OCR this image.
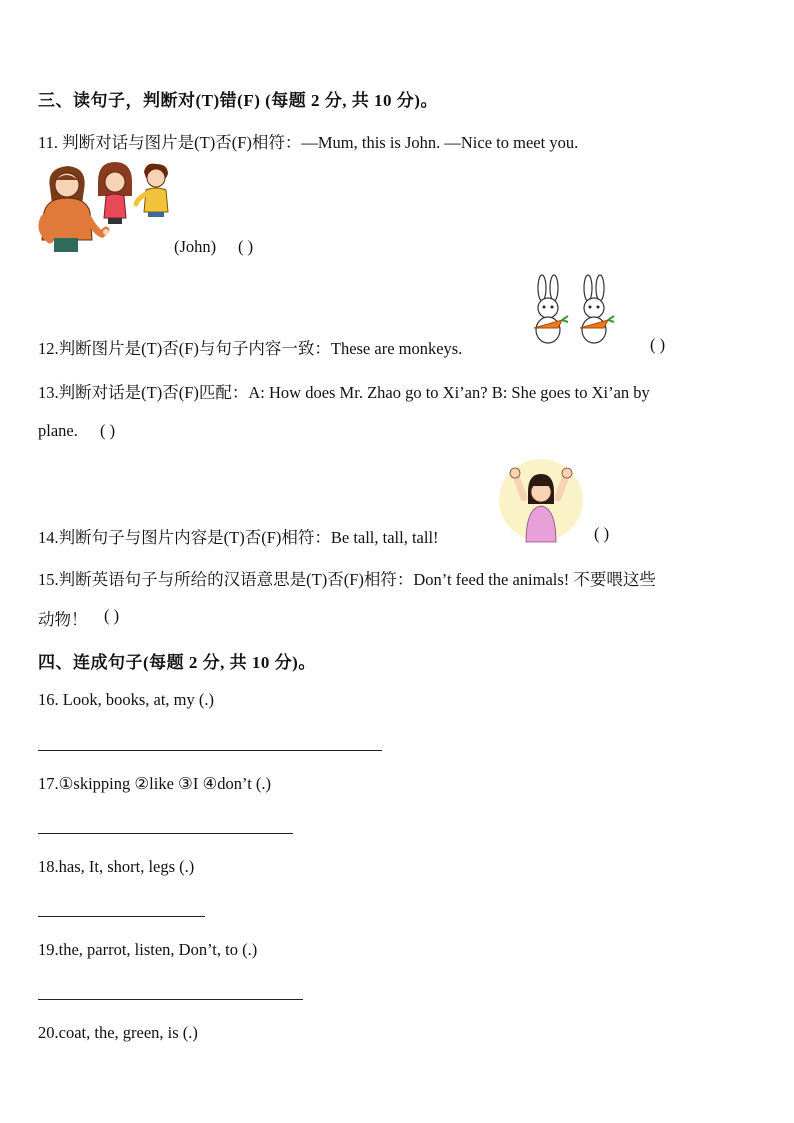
三、读句子，判断对(T)错(F) (每题 2 分, 共 10 分)。
11. 判断对话与图片是(T)否(F)相符：—Mum, this is John. —Nice to meet you.
(John) ( )
12.判断图片是(T)否(F)与句子内容一致：These are monkeys.	( )
13.判断对话是(T)否(F)匹配：A: How does Mr. Zhao go to Xi’an? B: She goes to Xi’an by
plane. ( )
14.判断句子与图片内容是(T)否(F)相符：Be tall, tall, tall!	( )
15.判断英语句子与所给的汉语意思是(T)否(F)相符：Don’t feed the animals! 不要喂这些
动物！ ( )
四、连成句子(每题 2 分, 共 10 分)。
16. Look, books, at, my (.)
17.①skipping ②like ③I ④don’t (.)
18.has, It, short, legs (.)
19.the, parrot, listen, Don’t, to (.)
20.coat, the, green, is (.)
